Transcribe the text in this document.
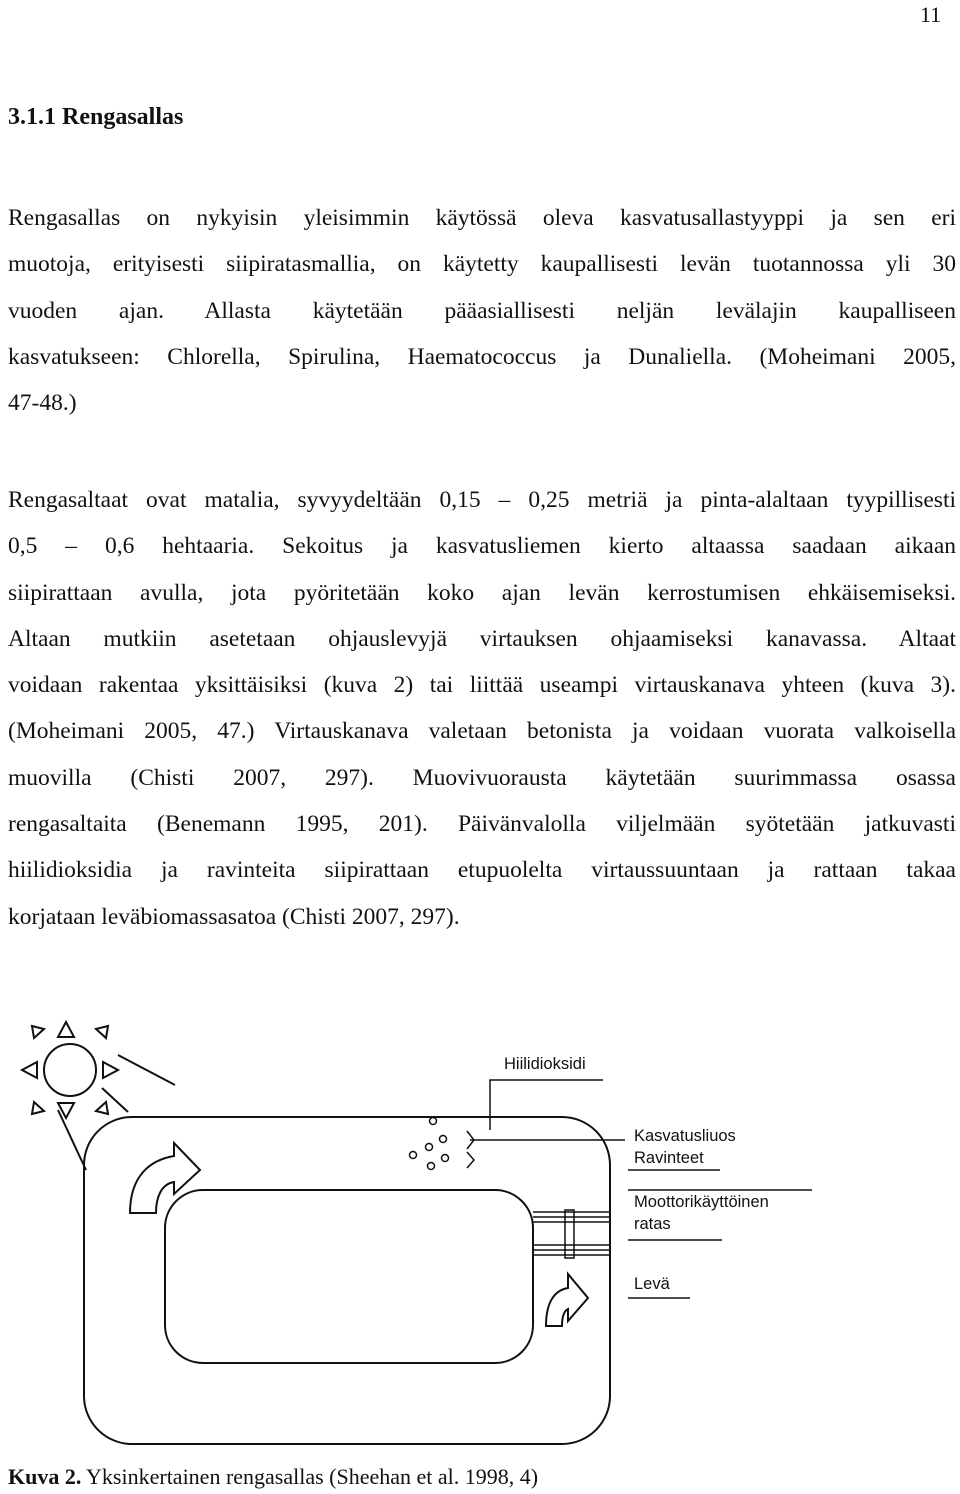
11
3.1.1 Rengasallas
Rengasallas on nykyisin yleisimmin käytössä oleva kasvatusallastyyppi ja sen eri
muotoja, erityisesti siipiratasmallia, on käytetty kaupallisesti levän tuotannossa yli 30
vuoden ajan. Allasta käytetään pääasiallisesti neljän levälajin kaupalliseen
kasvatukseen: Chlorella, Spirulina, Haematococcus ja Dunaliella. (Moheimani 2005,
47-48.)
Rengasaltaat ovat matalia, syvyydeltään 0,15 – 0,25 metriä ja pinta-alaltaan tyypillisesti
0,5 – 0,6 hehtaaria. Sekoitus ja kasvatusliemen kierto altaassa saadaan aikaan
siipirattaan avulla, jota pyöritetään koko ajan levän kerrostumisen ehkäisemiseksi.
Altaan mutkiin asetetaan ohjauslevyjä virtauksen ohjaamiseksi kanavassa. Altaat
voidaan rakentaa yksittäisiksi (kuva 2) tai liittää useampi virtauskanava yhteen (kuva 3).
(Moheimani 2005, 47.) Virtauskanava valetaan betonista ja voidaan vuorata valkoisella
muovilla (Chisti 2007, 297). Muovivuorausta käytetään suurimmassa osassa
rengasaltaita (Benemann 1995, 201). Päivänvalolla viljelmään syötetään jatkuvasti
hiilidioksidia ja ravinteita siipirattaan etupuolelta virtaussuuntaan ja rattaan takaa
korjataan leväbiomassasatoa (Chisti 2007, 297).
Hiilidioksidi
Kasvatusliuos
Ravinteet
Moottorikäyttöinen
ratas
Levä

Kuva 2. Yksinkertainen rengasallas (Sheehan et al. 1998, 4)
